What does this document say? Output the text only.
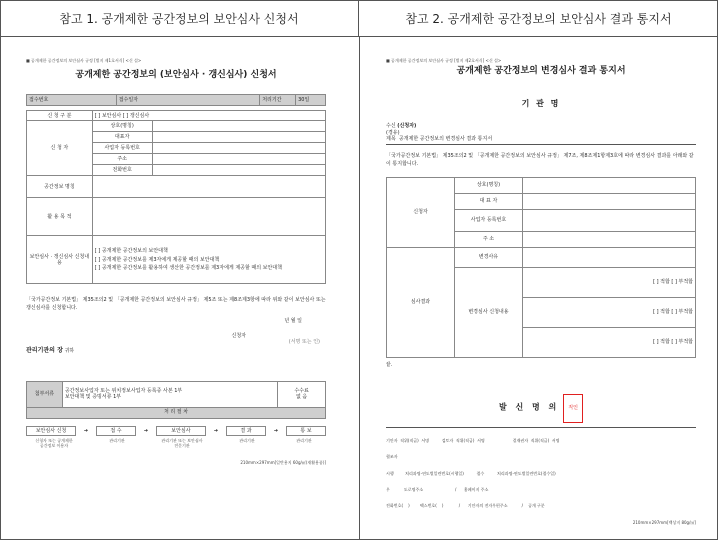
참고 1. 공개제한 공간정보의 보안심사 신청서	참고 2. 공개제한 공간정보의 보안심사 결과 통지서
■ 공개제한 공간정보의 보안심사 규정 [별지 제1호서식] <신 설>
공개제한 공간정보의 (보안심사 · 갱신심사) 신청서
접수번호	접수일자	처리기간	30일
신 청 구 분	[ ] 보안심사 [ ] 갱신심사	
신 청 자	상호(명칭)	
	대표자	
	사업자 등록번호	
	주소	
	전화번호	
공간정보 명칭		
활 용 목 적		
보안심사 · 갱신심사 신청내용	[ ] 공개제한 공간정보의 보안대책
[ ] 공개제한 공간정보를 제3자에게 제공할 때의 보안대책
[ ] 공개제한 공간정보를 활용하여 생산한 공간정보를 제3자에게 제공할 때의 보안대책	
「국가공간정보 기본법」 제35조의2 및 「공개제한 공간정보의 보안심사 규정」 제5조 또는 제8조제3항에 따라 위와 같이 보안심사 또는 갱신심사를 신청합니다.
년 월 일
신청자
(서명 또는 인)
관리기관의 장 귀하
첨부서류	공간정보사업자 또는 위치정보사업자 등록증 사본 1부
보안대책 및 증빙서류 1부	
수수료
없 음

처 리 절 차
보안심사 신청	➔	접 수	➔	보안심사	➔	결 과	➔	통 보
신청자 또는 공개제한
공간정보 이용자
관리기관	관리기관 또는 보안심사
전문기관
관리기관	관리기관
210mm×297mm[일반용지 60g/㎡(재활용품)]
■ 공개제한 공간정보의 보안심사 규정 [별지 제2호서식] <신 설>
공개제한 공간정보의 변경심사 결과 통지서
기 관 명
수신 (신청자)
(경유)
제목 공개제한 공간정보의 변경심사 결과 통지서
「국가공간정보 기본법」 제35조의2 및 「공개제한 공간정보의 보안심사 규정」 제7조, 제8조제1항제3호에 따라 변경심사 결과를 아래와 같이 통지합니다.
신청자	상호(명칭)	
	대 표 자	
	사업자 등록번호	
	주 소	
심사결과	변경사유	
	변경심사 신청내용	[ ] 적합 [ ] 부적합
		[ ] 적합 [ ] 부적합
		[ ] 적합 [ ] 부적합
끝.
발 신 명 의 직인

기안자  직위(직급)  서명          검토자  직위(직급)  서명                      결재권자  직위(직급)  서명

협조자

시행         처리과명-연도별일련번호(시행일)          접수          처리과명-연도별일련번호(접수일)

우           도로명주소                         /      홈페이지 주소

전화번호(    )        팩스번호(    )            /      기안자의 전자우편주소           /    공개 구분

210mm×297mm[백상지 80g/㎡]
